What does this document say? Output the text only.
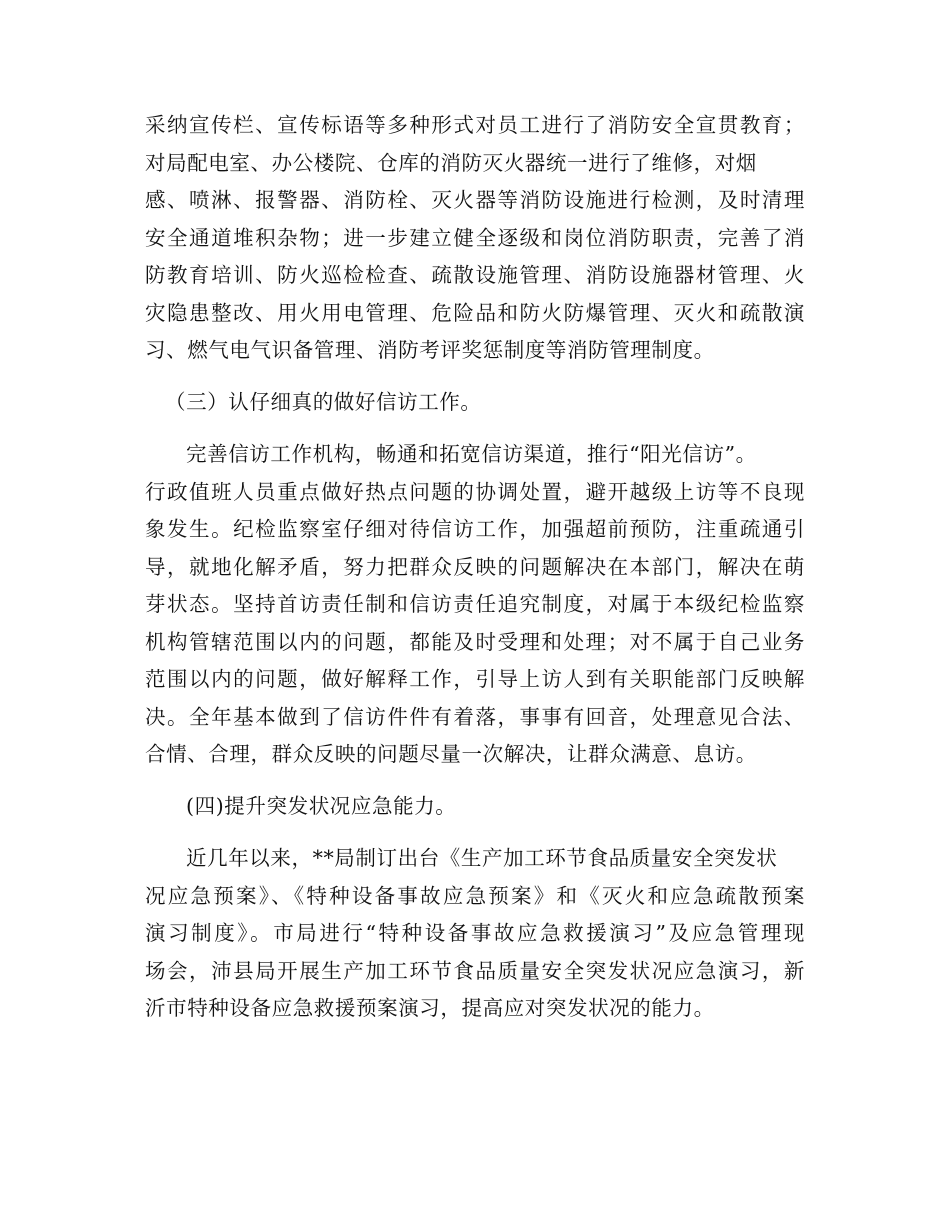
采纳宣传栏、宣传标语等多种形式对员工进行了消防安全宣贯教育；
对局配电室、办公楼院、仓库的消防灭火器统一进行了维修，对烟
感、喷淋、报警器、消防栓、灭火器等消防设施进行检测，及时清理
安全通道堆积杂物；进一步建立健全逐级和岗位消防职责，完善了消
防教育培训、防火巡检检查、疏散设施管理、消防设施器材管理、火
灾隐患整改、用火用电管理、危险品和防火防爆管理、灭火和疏散演
习、燃气电气识备管理、消防考评奖惩制度等消防管理制度。
（三）认仔细真的做好信访工作。
完善信访工作机构，畅通和拓宽信访渠道，推行“阳光信访”。
行政值班人员重点做好热点问题的协调处置，避开越级上访等不良现
象发生。纪检监察室仔细对待信访工作，加强超前预防，注重疏通引
导，就地化解矛盾，努力把群众反映的问题解决在本部门，解决在萌
芽状态。坚持首访责任制和信访责任追究制度，对属于本级纪检监察
机构管辖范围以内的问题，都能及时受理和处理；对不属于自己业务
范围以内的问题，做好解释工作，引导上访人到有关职能部门反映解
决。全年基本做到了信访件件有着落，事事有回音，处理意见合法、
合情、合理，群众反映的问题尽量一次解决，让群众满意、息访。
(四)提升突发状况应急能力。
近几年以来，**局制订出台《生产加工环节食品质量安全突发状
况应急预案》、《特种设备事故应急预案》和《灭火和应急疏散预案
演习制度》。市局进行“特种设备事故应急救援演习”及应急管理现
场会，沛县局开展生产加工环节食品质量安全突发状况应急演习，新
沂市特种设备应急救援预案演习，提高应对突发状况的能力。
